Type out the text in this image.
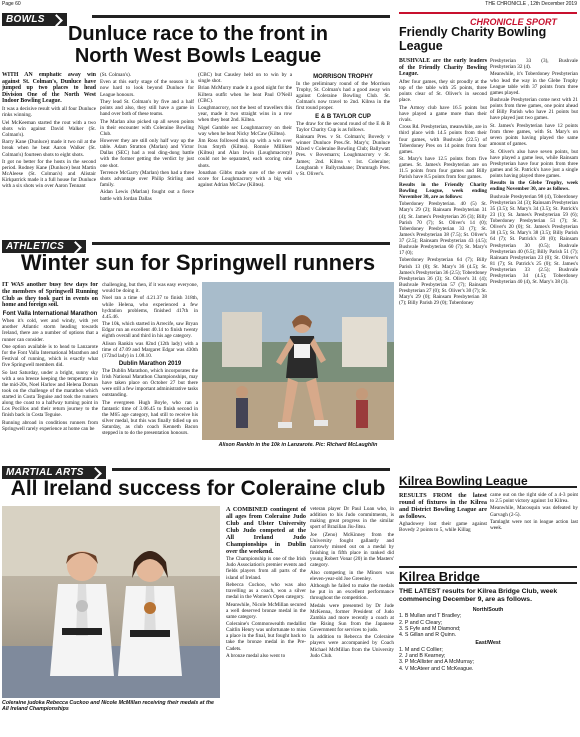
Page 60	THE CHRONICLE , 12th December 2019
BOWLS
Dunluce race to the front in
North West Bowls League

WITH AN emphatic away win against St. Colman's, Dunluce have jumped up two places to head Division One of the North West Indoor Bowling League.

It was a decisive result with all four Dunluce rinks winning.

Uel McKeeman started the rout with a two shots win against David Walker (St. Colman's).

Barry Kane (Dunluce) made it two nil at the break when he beat Aaron Walker (St. Colman's) fourteen shots to eight shots.

It got no better for the hosts in the second period. Rodney Kane (Dunluce) beat Martin McAleese (St. Colman's) and Alistair Kirkpatrick made it a full house for Dunluce with a six shots win over Aaron Tennant

(St. Colman's).

Even at this early stage of the season it is now hard to look beyond Dunluce for League honours.

They lead St. Colman's by five and a half points and also, they still have a game in hand over both of these teams.

The Marlan also picked up all seven points in their encounter with Coleraine Bowling Club.

However they are still only half way up the table. Adam Stratton (Marlan) and Victor Dallas (SEC) had a real ding-dong battle with the former getting the verdict by just one shot.

Terrence McGarry (Marlan) then had a three shots advantage over Philip Stirling and family.

Aidan Lewis (Marlan) fought out a fierce battle with Jordan Dallas

(CBC) but Causley held on to win by a single shot.

Brian McMurry made it a good night for the Kiltera outfit when he beat Paul O'Neill (CBC).

Loughmacrory, not the best of travellers this year, made it two straight wins in a row when they beat 2nd. Kiltea.

Nigel Gamble sec Loughmacrory on their way when he beat Nicky McCaw (Kiltea).

Jim Ross followed this up with a win over Ivan Smyth (Kiltea). Ronnie Milliken (Kiltea) and Alan Irwin (Loughmacrory) could not be separated, each scoring nine shots.

Jonathan Gibbs made sure of the overall score for Loughmacrory with a big win against Adrian McCaw (Kiltea).

MORRISON TROPHY

In the preliminary round of the Morrison Trophy, St. Colman's had a good away win against Coleraine Bowling Club. St. Colman's now travel to 2nd. Kilrea in the first round proper.

E & B TAYLOR CUP

The draw for the second round of the E & B Taylor Charity Cup is as follows.

Rainsam Pres. v St. Colman's; Bovedy v winner Dunluce Pres./St. Mary's; Dunluce Mixed v Coleraine Bowling Club; Ballywatt Pres. v Bovemarrs; Loughmacrory v St. James; 2nd. Kilrea v 1st. Coleraine; Longbarah v Ballyrashane; Drumragh Pres. v St. Oliver's.

CHRONICLE SPORT
Friendly Charity Bowling League

BUSHVALE are the early leaders of the Friendly Charity Bowling League.

After four games, they sit proudly at the top of the table with 25 points, three points clear of St. Oliver's in second place.

The Armoy club have 16.5 points but have played a game more than their rivals.

Cross Rd. Presbyterian, meanwhile, are in third place with 14.5 points from their four games, with Bushvale (22.5) of Toberdoney Pres on 14 points from four games.

St. Mary's have 12.5 points from five games. St. James's Presbyterian are on 11.5 points from four games and Billy Parish have 8.5 points from four games.

Results in the Friendly Charity Bowling League, week ending November 30, are as follows:

Toberdoney Presbyterian. 40 (5) St. Mary's 29 (2); Rainsam Presbyterian 31 (4); St. James's Presbyterian 26 (3); Billy Parish 70 (7); St. Oliver's 14 (0); Toberdoney Presbyterian 33 (7); St. James's Presbyterian 38 (7.5); St. Oliver's 37 (2.5); Rainsam Presbyterian 43 (4.5); Bushvale Presbyterian 60 (7); St. Mary's 17 (0);

Toberdoney Presbyterian 64 (7); Billy Parish 13 (0); St. Mary's 36 (4.5); St. James's Presbyterian 36 (2.5); Toberdoney Presbyterian 36 (3); St. Oliver's 31 (4); Bushvale Presbyterian 57 (7); Rainsam Presbyterian 27 (0); St. Oliver's 30 (7); St. Mary's 29 (0); Rainsam Presbyterian 38 (7); Billy Parish 29 (0); Toberdoney

Presbyterian 33 (3), Bushvale Presbyterian 32 (4).

Meanwhile, it's Toberdoney Presbyterian who lead the way in the Glebe Trophy League table with 37 points from three games played.

Bushvale Presbyterian come next with 21 points from three games, one point ahead of Billy Parish who have 21 points but have played just two games.

St. James's Presbyterian have 12 points from three games, with St. Mary's on seven points having played the same amount of games.

St. Oliver's also have seven points, but have played a game less, while Rainsam Presbyterian have four points from three games and St. Patrick's have just a single points having played three games.

Results in the Glebe Trophy, week ending November 30, are as follows.

Bushvale Presbyterian 98 (4), Toberdoney Presbyterian 34 (3); Rainsam Presbyterian 35 (3.5); St. Mary's 34 (3.5); St. Patrick's 23 (1); St. James's Presbyterian 59 (6); Toberdoney Presbyterian 51 (7); St. Oliver's 20 (0); St. James's Presbyterian 38 (3.5); St. Mary's 38 (3.5); Billy Parish 64 (7); St. Patrick's 20 (0); Rainsam Presbyterian 30 (0.5); Bushvale Presbyterian 40 (6.5); Billy Parish 51 (7); Rainsam Presbyterian 23 (0); St. Oliver's 81 (7); St. Patrick's 25 (0); St. James's Presbyterian 33 (2.5); Bushvale Presbyterian 34 (4.5); Toberdoney Presbyterian 40 (4), St. Mary's 38 (3).

ATHLETICS
Winter sun for Springwell runners

IT WAS another busy few days for the members of Springwell Running Club as they took part in events on home and foreign soil.

Font Valla International Marathon

When it's cold, wet and windy, with yet another Atlantic storm heading towards Ireland, there are a number of options that a runner can consider.

One option available is to head to Lanzarote for the Font Valla International Marathon and Festival of running, which is exactly what five Springwell members did.

So last Saturday, under a bright, sunny sky with a sea breeze keeping the temperature in the mid-20s, Noel Harlow and Helena Dornan took on the challenge of the marathon which started in Costa Teguise and took the runners along the coast to a halfway turning point in Los Pocillos and their return journey to the finish back in Costa Teguise.

Running abroad in conditions runners from Springwell rarely experience at home can be

challenging, but then, if it was easy everyone, would be doing it.

Noel ran a time of 4.21.37 to finish 318th, while Helena, who experienced a few hydration problems, finished 417th in 4.45.46.

The 10k, which started in Arrecife, saw Bryan Edgar run an excellent 40.14 to finish twenty eighth overall and third in his age category.

Alison Rankin was 82nd (12th lady) with a time of 47.09 and Margaret Edgar was 430th (172nd lady) in 1.08.10.

Dublin Marathon 2019

The Dublin Marathon, which incorporates the Irish National Marathon Championships, may have taken place on October 27 but there were still a few important administrative tasks outstanding.

The evergreen Hugh Boyle, who ran a fantastic time of 3.06.45 to finish second in the M65 age category, had still to receive his silver medal, but this was finally tidied up on Saturday, as club coach Kenneth Bacon stepped in to do the presentation honours.

Alison Rankin in the 10k in Lanzarote. Pic: Richard McLaughlin
MARTIAL ARTS
All Ireland success for Coleraine club
Coleraine judoka Rebecca Cuckoo and Nicole McMillan receiving their medals at the All Ireland Championships

A COMBINED contingent of all ages from Coleraine Judo Club and Ulster University Club Judo competed at the All Ireland Judo Championships in Dublin over the weekend.

The Championship is one of the Irish Judo Association's premier events and fields players from all parts of the island of Ireland.

Rebecca Cuckoo, who was also travelling as a coach, won a silver medal in the Women's Open category.

Meanwhile, Nicole McMillan secured a well deserved bronze medal in the same category.

Coleraine's Commonwealth medallist Caitlin Henry was unfortunate to miss a place in the final, but fought back to take the bronze medal in the Pre-Cadets.

A bronze medal also went to

veteran player Dr Paul Loan who, in addition to his Judo commitments, is making great progress in the similar sport of Brazilian Jiu-Jitsu.

Joe (Zeno) McKinney from the University fought gallantly and narrowly missed out on a medal by finishing in fifth place in ranked did young Robert Vonar (20) in the Masters' category.

Also competing in the Minors was eleven-year-old Joe Greenley.

Although he failed to make the medals he put in an excellent performance throughout the competition.

Medals were presented by Dr Jude McKenna, former President of Judo Zambia and more recently a coach at the Rising Sun from the Japanese Government for services to judo.

In addition to Rebecca the Coleraine players were accompanied by Coach Michael McMillan from the University Judo Club.

Kilrea Bowling League

RESULTS FROM the latest round of fixtures in the Kilrea and District Bowling League are as follows.

Aghadowey lost their game against Bovedy 2 points to 5, while Killag

came out on the right side of a 4-3 point to 2.5 point victory against 1st Kilrea.

Meanwhile, Macosquin was defeated by Garvagh (2-5).

Tamlaght were not in league action last week.

Kilrea Bridge

THE LATEST results for Kilrea Bridge Club, week commencing December 9, are as follows.

North/South
1. B Mullan and T Bradley;
2. P and C Cleary;
3. S Fyfe and M Diamond;
4. S Gillan and R Quinn.
East/West
1. M and C Collier;
2. J and B Kearney;
3. P McAllister and A McMurray;
4. V McAteer and C McKeague.
